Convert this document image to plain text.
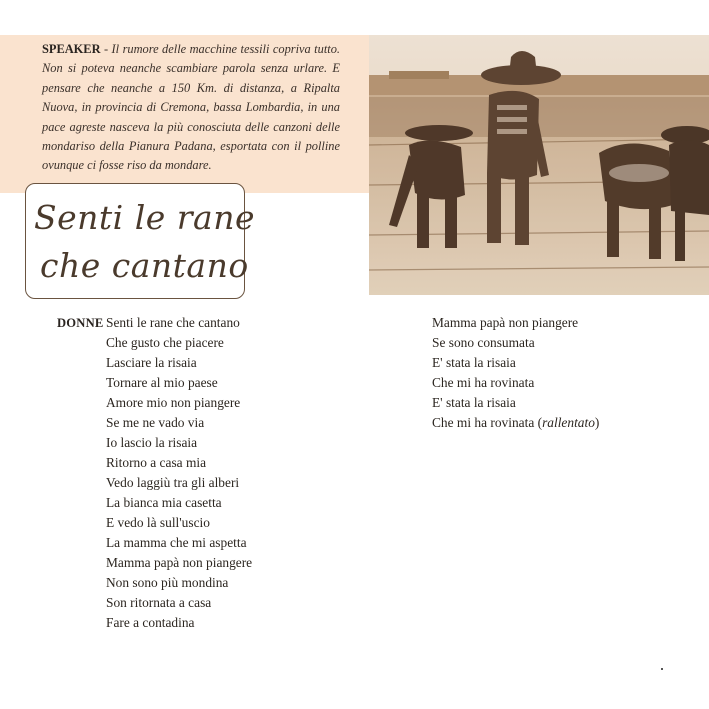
SPEAKER - Il rumore delle macchine tessili copriva tutto. Non si poteva neanche scambiare parola senza urlare. E pensare che neanche a 150 Km. di distanza, a Ripalta Nuova, in provincia di Cremona, bassa Lombardia, in una pace agreste nasceva la più conosciuta delle canzoni delle mondariso della Pianura Padana, esportata con il polline ovunque ci fosse riso da mondare.
Senti le rane
che cantano
DONNE Senti le rane che cantano
Che gusto che piacere
Lasciare la risaia
Tornare al mio paese
Amore mio non piangere
Se me ne vado via
Io lascio la risaia
Ritorno a casa mia
Vedo laggiù tra gli alberi
La bianca mia casetta
E vedo là sull'uscio
La mamma che mi aspetta
Mamma papà non piangere
Non sono più mondina
Son ritornata a casa
Fare a contadina
Mamma papà non piangere
Se sono consumata
E' stata la risaia
Che mi ha rovinata
E' stata la risaia
Che mi ha rovinata (rallentato)
